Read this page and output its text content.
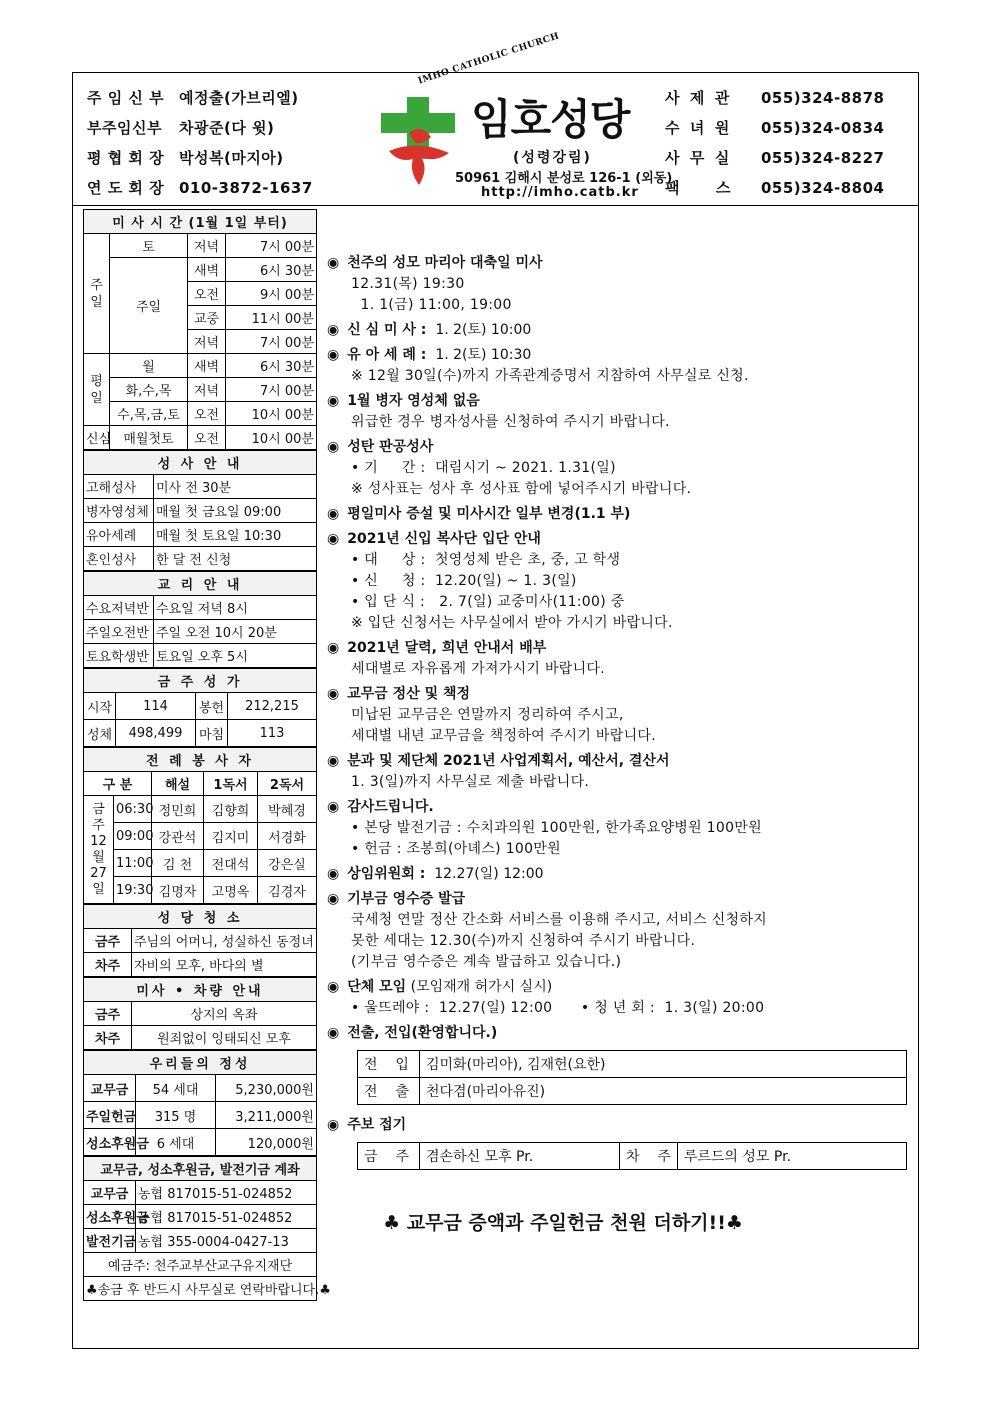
주 임 신 부 예정출(가브리엘)
부주임신부 차광준(다 윗)
평 협 회 장 박성복(마지아)
연 도 회 장 010-3872-1637
IMHO CATHOLIC CHURCH
임호성당
(성령강림)
50961 김해시 분성로 126-1 (외동)
http://imho.catb.kr
사  제  관 055)324-8878
수  녀  원 055)324-0834
사  무  실 055)324-8227
팩       스 055)324-8804
미 사 시 간 (1월 1일 부터)			
주일	토	저녁	7시 00분
	주일	새벽	6시 30분
		오전	9시 00분
		교중	11시 00분
		저녁	7시 00분
평일	월	새벽	6시 30분
	화,수,목	저녁	7시 00분
	수,목,금,토	오전	10시 00분
신심	매월첫토	오전	10시 00분
성 사 안 내	
고해성사	미사 전 30분
병자영성체	매월 첫 금요일 09:00
유아세례	매월 첫 토요일 10:30
혼인성사	한 달 전 신청
교 리 안 내	
수요저녁반	수요일 저녁 8시
주일오전반	주일 오전 10시 20분
토요학생반	토요일 오후 5시
금 주 성 가			
시작	114	봉헌	212,215
성체	498,499	마침	113
전 례 봉 사 자				
구 분		해설	1독서	2독서
금주
12
월
27
일	06:30	정민희	김향희	박혜경
	09:00	강관석	김지미	서경화
	11:00	김 천	전대석	강은실
	19:30	김명자	고명옥	김경자
성 당 청 소	
금주	주님의 어머니, 성실하신 동정녀
차주	자비의 모후, 바다의 별
미사 • 차량 안내	
금주	상지의 옥좌
차주	원죄없이 잉태되신 모후
우리들의 정성		
교무금	54 세대	5,230,000원
주일헌금	315 명	3,211,000원
성소후원금	6 세대	120,000원
교무금, 성소후원금, 발전기금 계좌	
교무금	농협 817015-51-024852
성소후원금	농협 817015-51-024852
발전기금	농협 355-0004-0427-13
예금주: 천주교부산교구유지재단	
♣송금 후 반드시 사무실로 연락바랍니다.♣	
◉ 천주의 성모 마리아 대축일 미사
12.31(목) 19:30
1. 1(금) 11:00, 19:00
◉ 신 심 미 사 :  1. 2(토) 10:00
◉ 유 아 세 례 :  1. 2(토) 10:30
※ 12월 30일(수)까지 가족관계증명서 지참하여 사무실로 신청.
◉ 1월 병자 영성체 없음
위급한 경우 병자성사를 신청하여 주시기 바랍니다.
◉ 성탄 판공성사
• 기     간 :  대림시기 ~ 2021. 1.31(일)
※ 성사표는 성사 후 성사표 함에 넣어주시기 바랍니다.
◉ 평일미사 증설 및 미사시간 일부 변경(1.1 부)
◉ 2021년 신입 복사단 입단 안내
• 대     상 :  첫영성체 받은 초, 중, 고 학생
• 신     청 :  12.20(일) ~ 1. 3(일)
• 입 단 식 :   2. 7(일) 교중미사(11:00) 중
※ 입단 신청서는 사무실에서 받아 가시기 바랍니다.
◉ 2021년 달력, 희년 안내서 배부
세대별로 자유롭게 가져가시기 바랍니다.
◉ 교무금 정산 및 책정
미납된 교무금은 연말까지 정리하여 주시고,
세대별 내년 교무금을 책정하여 주시기 바랍니다.
◉ 분과 및 제단체 2021년 사업계획서, 예산서, 결산서
1. 3(일)까지 사무실로 제출 바랍니다.
◉ 감사드립니다.
• 본당 발전기금 : 수치과의원 100만원, 한가족요양병원 100만원
• 헌금 : 조봉희(아녜스) 100만원
◉ 상임위원회 :  12.27(일) 12:00
◉ 기부금 영수증 발급
국세청 연말 정산 간소화 서비스를 이용해 주시고, 서비스 신청하지
못한 세대는 12.30(수)까지 신청하여 주시기 바랍니다.
(기부금 영수증은 계속 발급하고 있습니다.)
◉ 단체 모임 (모임재개 허가시 실시)
• 울뜨레야 :  12.27(일) 12:00      • 청 년 회 :  1. 3(일) 20:00
◉ 전출, 전입(환영합니다.)
전    입	김미화(마리아), 김재헌(요한)
전    출	천다겸(마리아유진)
◉ 주보 접기
금    주	겸손하신 모후 Pr.	차    주	루르드의 성모 Pr.
♣ 교무금 증액과 주일헌금 천원 더하기!!♣
